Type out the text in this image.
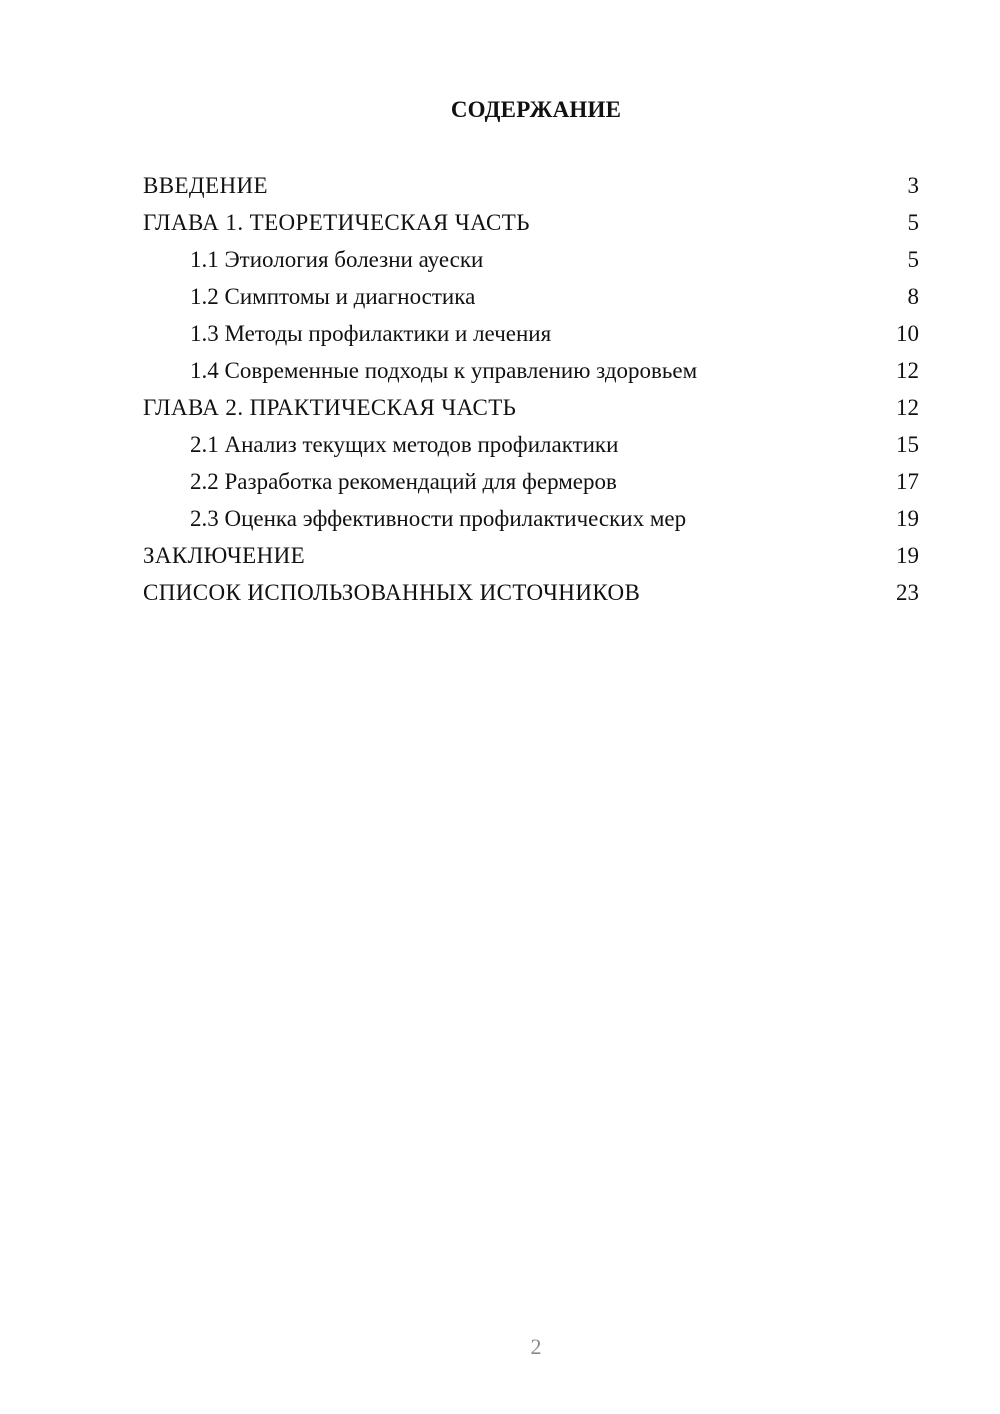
СОДЕРЖАНИЕ
ВВЕДЕНИЕ	3
ГЛАВА 1. ТЕОРЕТИЧЕСКАЯ ЧАСТЬ	5
1.1 Этиология болезни ауески	5
1.2 Симптомы и диагностика	8
1.3 Методы профилактики и лечения	10
1.4 Современные подходы к управлению здоровьем	12
ГЛАВА 2. ПРАКТИЧЕСКАЯ ЧАСТЬ	12
2.1 Анализ текущих методов профилактики	15
2.2 Разработка рекомендаций для фермеров	17
2.3 Оценка эффективности профилактических мер	19
ЗАКЛЮЧЕНИЕ	19
СПИСОК ИСПОЛЬЗОВАННЫХ ИСТОЧНИКОВ	23
2
